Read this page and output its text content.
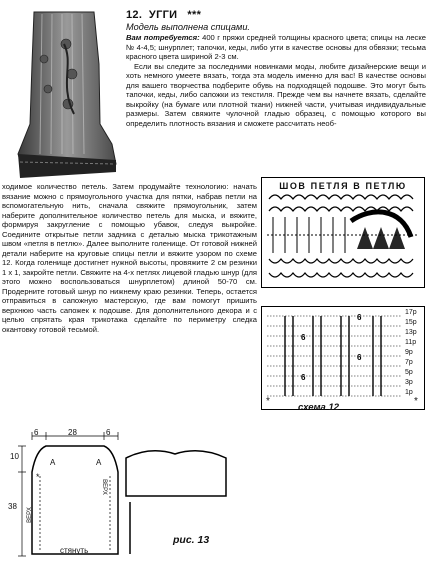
12. УГГИ ***
Модель выполнена спицами.
Вам потребуется: 400 г пряжи средней толщины красного цвета; спицы на леске № 4-4,5; шнурплет; тапочки, кеды, либо угги в качестве основы для обвязки; тесьма красного цвета шириной 2-3 см.
Если вы следите за последними новинками моды, любите дизайнерские вещи и хоть немного умеете вязать, тогда эта модель именно для вас! В качестве основы для вашего творчества подберите обувь на подходящей подошве. Это могут быть тапочки, кеды, либо сапожки из текстиля. Прежде чем вы начнете вязать, сделайте выкройку (на бумаге или плотной ткани) нижней части, учитывая индивидуальные размеры. Затем свяжите чулочной гладью образец, с помощью которого вы определить плотность вязания и сможете рассчитать необ-
ходимое количество петель. Затем продумайте технологию: начать вязание можно с прямоугольного участка для пятки, набрав петли на вспомогательную нить, сначала свяжите прямоугольник, затем наберите дополнительное количество петель для мыска, и вяжите, формируя закругление с помощью убавок, следуя выкройке. Соедините открытые петли задника с деталью мыска трикотажным швом «петля в петлю». Далее выполните голенище. От готовой нижней детали наберите на круговые спицы петли и вяжите узором по схеме 12. Когда голенище достигнет нужной высоты, провяжите 2 см резинки 1 х 1, закройте петли. Свяжите на 4-х петлях лицевой гладью шнур (для этого можно воспользоваться шнурплетом) длиной 50-70 см. Продерните готовый шнур по нижнему краю резинки. Теперь, остается отправиться в сапожную мастерскую, где вам помогут пришить верхнюю часть сапожек к подошве. Для дополнительного декора и с целью спрятать края трикотажа сделайте по периметру следка окантовку готовой тесьмой.
ШОВ ПЕТЛЯ В ПЕТЛЮ
6
6
6
6
17р
15р
13р
11р
9р
7р
5р
3р
1р
*	*
схема 12
6	28	6
10
38
A	A
ВЕРХ
ВЕРХ
стянуть
*
рис. 13
